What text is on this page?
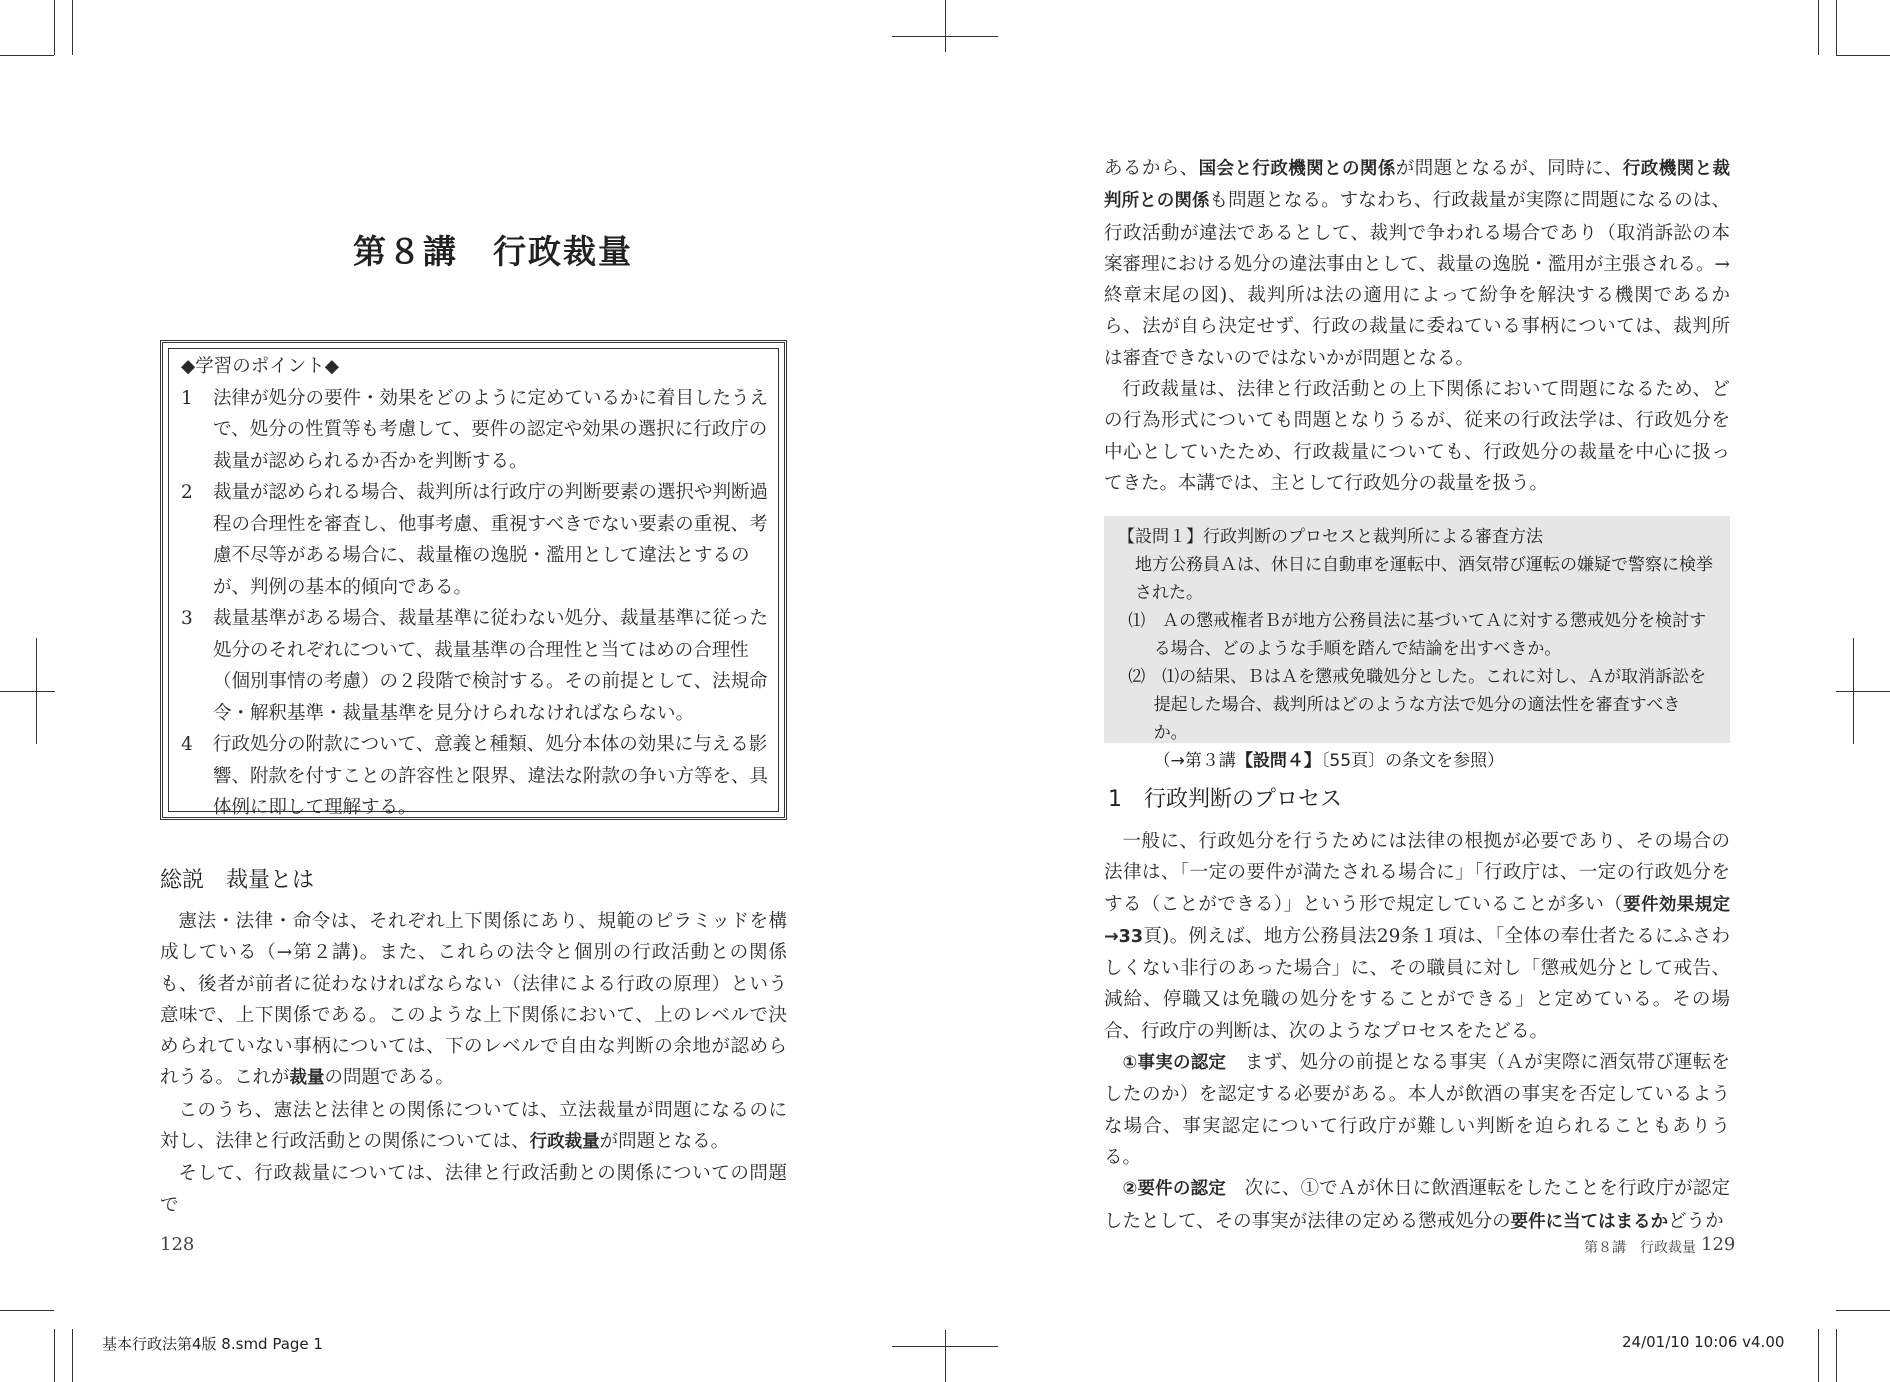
第８講　行政裁量
◆学習のポイント◆
1	法律が処分の要件・効果をどのように定めているかに着目したうえで、処分の性質等も考慮して、要件の認定や効果の選択に行政庁の裁量が認められるか否かを判断する。
2	裁量が認められる場合、裁判所は行政庁の判断要素の選択や判断過程の合理性を審査し、他事考慮、重視すべきでない要素の重視、考慮不尽等がある場合に、裁量権の逸脱・濫用として違法とするのが、判例の基本的傾向である。
3	裁量基準がある場合、裁量基準に従わない処分、裁量基準に従った処分のそれぞれについて、裁量基準の合理性と当てはめの合理性（個別事情の考慮）の２段階で検討する。その前提として、法規命令・解釈基準・裁量基準を見分けられなければならない。
4	行政処分の附款について、意義と種類、処分本体の効果に与える影響、附款を付すことの許容性と限界、違法な附款の争い方等を、具体例に即して理解する。
総説　裁量とは

憲法・法律・命令は、それぞれ上下関係にあり、規範のピラミッドを構成している（→第２講)。また、これらの法令と個別の行政活動との関係も、後者が前者に従わなければならない（法律による行政の原理）という意味で、上下関係である。このような上下関係において、上のレベルで決められていない事柄については、下のレベルで自由な判断の余地が認められうる。これが裁量の問題である。

このうち、憲法と法律との関係については、立法裁量が問題になるのに対し、法律と行政活動との関係については、行政裁量が問題となる。

そして、行政裁量については、法律と行政活動との関係についての問題で

128

あるから、国会と行政機関との関係が問題となるが、同時に、行政機関と裁判所との関係も問題となる。すなわち、行政裁量が実際に問題になるのは、行政活動が違法であるとして、裁判で争われる場合であり（取消訴訟の本案審理における処分の違法事由として、裁量の逸脱・濫用が主張される。→終章末尾の図)、裁判所は法の適用によって紛争を解決する機関であるから、法が自ら決定せず、行政の裁量に委ねている事柄については、裁判所は審査できないのではないかが問題となる。

行政裁量は、法律と行政活動との上下関係において問題になるため、どの行為形式についても問題となりうるが、従来の行政法学は、行政処分を中心としていたため、行政裁量についても、行政処分の裁量を中心に扱ってきた。本講では、主として行政処分の裁量を扱う。

【設問１】行政判断のプロセスと裁判所による審査方法
地方公務員Ａは、休日に自動車を運転中、酒気帯び運転の嫌疑で警察に検挙された。
⑴　Ａの懲戒権者Ｂが地方公務員法に基づいてＡに対する懲戒処分を検討する場合、どのような手順を踏んで結論を出すべきか。
⑵　⑴の結果、ＢはＡを懲戒免職処分とした。これに対し、Ａが取消訴訟を提起した場合、裁判所はどのような方法で処分の適法性を審査すべきか。
（→第３講【設問４】〔55頁〕の条文を参照）
1　行政判断のプロセス

一般に、行政処分を行うためには法律の根拠が必要であり、その場合の法律は、「一定の要件が満たされる場合に」「行政庁は、一定の行政処分をする（ことができる）」という形で規定していることが多い（要件効果規定→33頁)。例えば、地方公務員法29条１項は、「全体の奉仕者たるにふさわしくない非行のあった場合」に、その職員に対し「懲戒処分として戒告、減給、停職又は免職の処分をすることができる」と定めている。その場合、行政庁の判断は、次のようなプロセスをたどる。

①事実の認定　まず、処分の前提となる事実（Ａが実際に酒気帯び運転をしたのか）を認定する必要がある。本人が飲酒の事実を否定しているような場合、事実認定について行政庁が難しい判断を迫られることもありうる。

②要件の認定　次に、①でＡが休日に飲酒運転をしたことを行政庁が認定したとして、その事実が法律の定める懲戒処分の要件に当てはまるかどうか

第８講　行政裁量 129
基本行政法第4版 8.smd Page 1	24/01/10 10:06 v4.00
